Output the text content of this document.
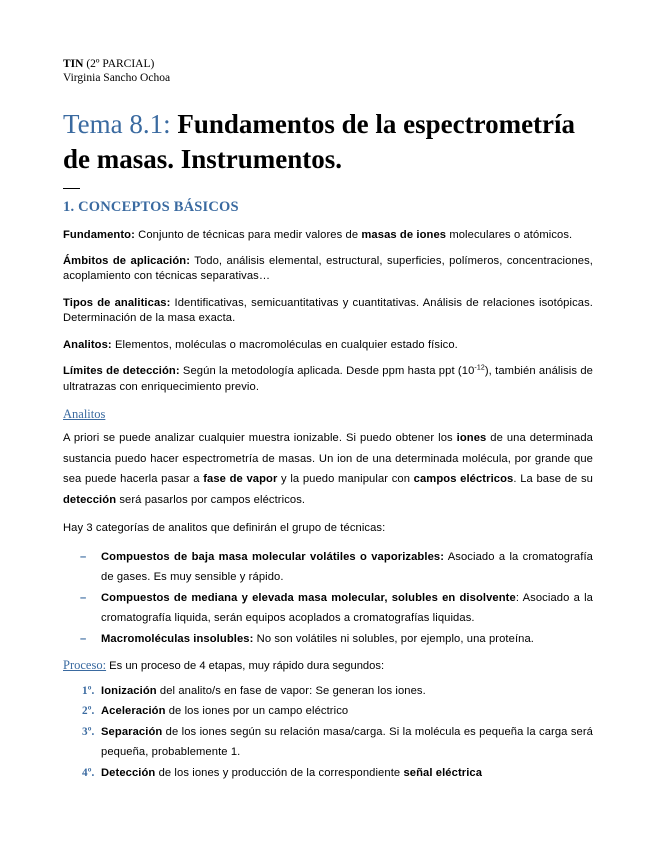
TIN (2º PARCIAL)
Virginia Sancho Ochoa
Tema 8.1: Fundamentos de la espectrometría de masas. Instrumentos.
1. CONCEPTOS BÁSICOS
Fundamento: Conjunto de técnicas para medir valores de masas de iones moleculares o atómicos.
Ámbitos de aplicación: Todo, análisis elemental, estructural, superficies, polímeros, concentraciones, acoplamiento con técnicas separativas…
Tipos de analiticas: Identificativas, semicuantitativas y cuantitativas. Análisis de relaciones isotópicas. Determinación de la masa exacta.
Analitos: Elementos, moléculas o macromoléculas en cualquier estado físico.
Límites de detección: Según la metodología aplicada. Desde ppm hasta ppt $(10^{-12})$, también análisis de ultratrazas con enriquecimiento previo.
Analitos
A priori se puede analizar cualquier muestra ionizable. Si puedo obtener los iones de una determinada sustancia puedo hacer espectrometría de masas. Un ion de una determinada molécula, por grande que sea puede hacerla pasar a fase de vapor y la puedo manipular con campos eléctricos. La base de su detección será pasarlos por campos eléctricos.
Hay 3 categorías de analitos que definirán el grupo de técnicas:
– Compuestos de baja masa molecular volátiles o vaporizables: Asociado a la cromatografía de gases. Es muy sensible y rápido.
– Compuestos de mediana y elevada masa molecular, solubles en disolvente: Asociado a la cromatografía liquida, serán equipos acoplados a cromatografías liquidas.
– Macromoléculas insolubles: No son volátiles ni solubles, por ejemplo, una proteína.
Proceso: Es un proceso de 4 etapas, muy rápido dura segundos:
1º. Ionización del analito/s en fase de vapor: Se generan los iones.
2º. Aceleración de los iones por un campo eléctrico
3º. Separación de los iones según su relación masa/carga. Si la molécula es pequeña la carga será pequeña, probablemente 1.
4º. Detección de los iones y producción de la correspondiente señal eléctrica
